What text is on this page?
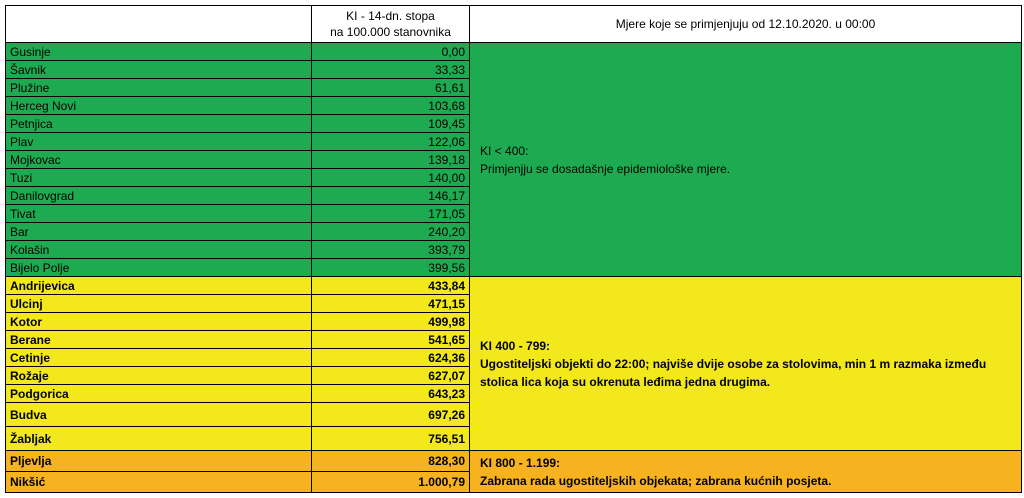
	KI - 14-dn. stopa
na 100.000 stanovnika	Mjere koje se primjenjuju od 12.10.2020. u 00:00
Gusinje	0,00	KI < 400:
Primjenjju se dosadašnje epidemiološke mjere.

Šavnik	33,33	
Plužine	61,61	
Herceg Novi	103,68	
Petnjica	109,45	
Plav	122,06	
Mojkovac	139,18	
Tuzi	140,00	
Danilovgrad	146,17	
Tivat	171,05	
Bar	240,20	
Kolašin	393,79	
Bijelo Polje	399,56	
Andrijevica	433,84	KI 400 - 799:
Ugostiteljski objekti do 22:00; najviše dvije osobe za stolovima, min 1 m razmaka između
stolica lica koja su okrenuta leđima jedna drugima.

Ulcinj	471,15	
Kotor	499,98	
Berane	541,65	
Cetinje	624,36	
Rožaje	627,07	
Podgorica	643,23	
Budva	697,26	
Žabljak	756,51	
Pljevlja	828,30	KI 800 - 1.199:
Zabrana rada ugostiteljskih objekata; zabrana kućnih posjeta.

Nikšić	1.000,79	
